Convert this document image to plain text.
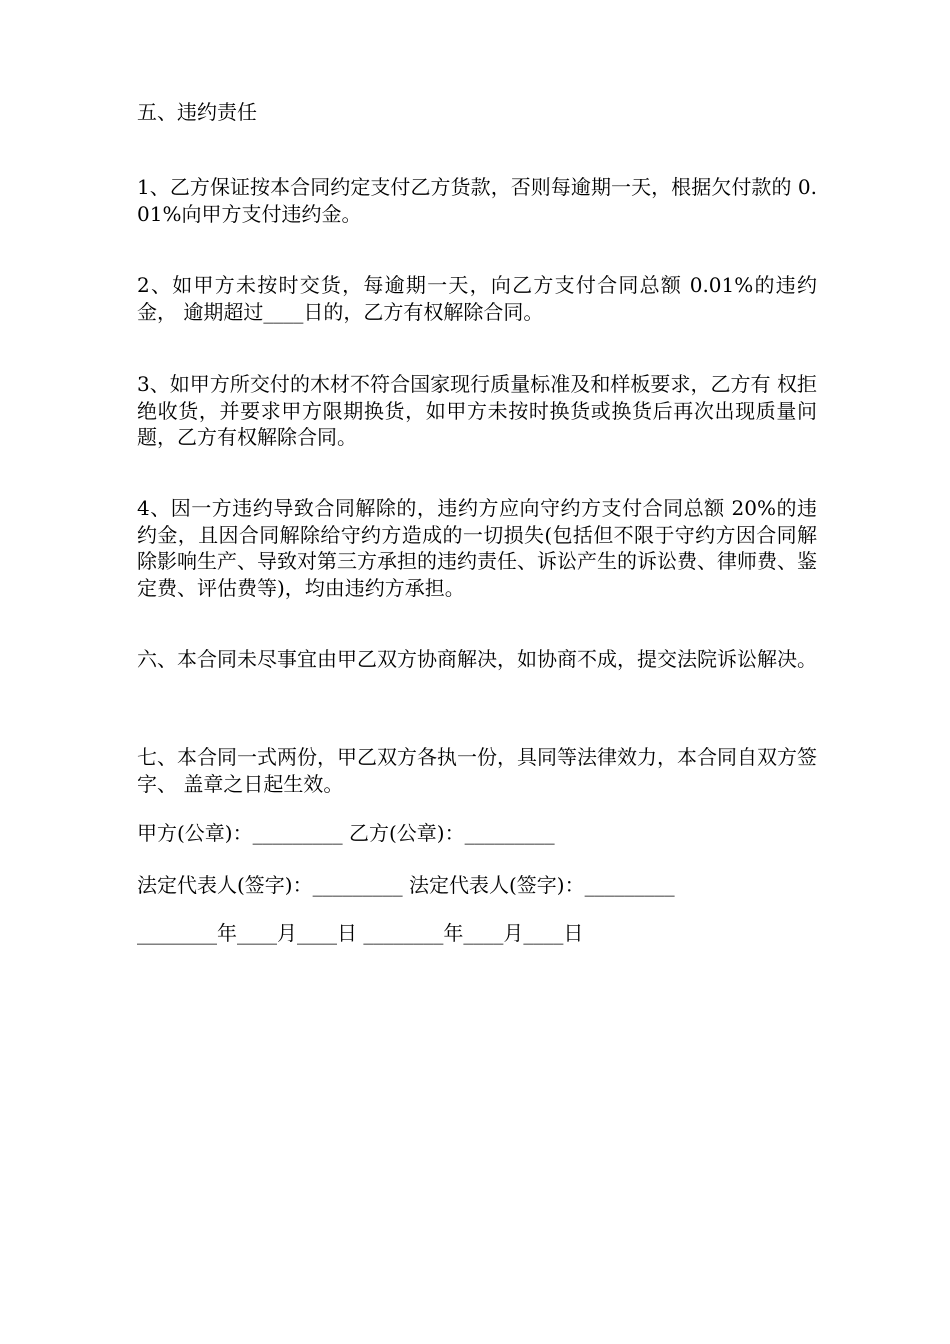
五、违约责任
1、乙方保证按本合同约定支付乙方货款，否则每逾期一天，根据欠付款的 0.01%向甲方支付违约金。
2、如甲方未按时交货，每逾期一天，向乙方支付合同总额 0.01%的违约金， 逾期超过____日的，乙方有权解除合同。
3、如甲方所交付的木材不符合国家现行质量标准及和样板要求，乙方有 权拒绝收货，并要求甲方限期换货，如甲方未按时换货或换货后再次出现质量问题，乙方有权解除合同。
4、因一方违约导致合同解除的，违约方应向守约方支付合同总额 20%的违约金，且因合同解除给守约方造成的一切损失(包括但不限于守约方因合同解除影响生产、导致对第三方承担的违约责任、诉讼产生的诉讼费、律师费、鉴定费、评估费等)，均由违约方承担。
六、本合同未尽事宜由甲乙双方协商解决，如协商不成，提交法院诉讼解决。
七、本合同一式两份，甲乙双方各执一份，具同等法律效力，本合同自双方签字、 盖章之日起生效。
甲方(公章)：_________ 乙方(公章)：_________
法定代表人(签字)：_________ 法定代表人(签字)：_________
________年____月____日 ________年____月____日
